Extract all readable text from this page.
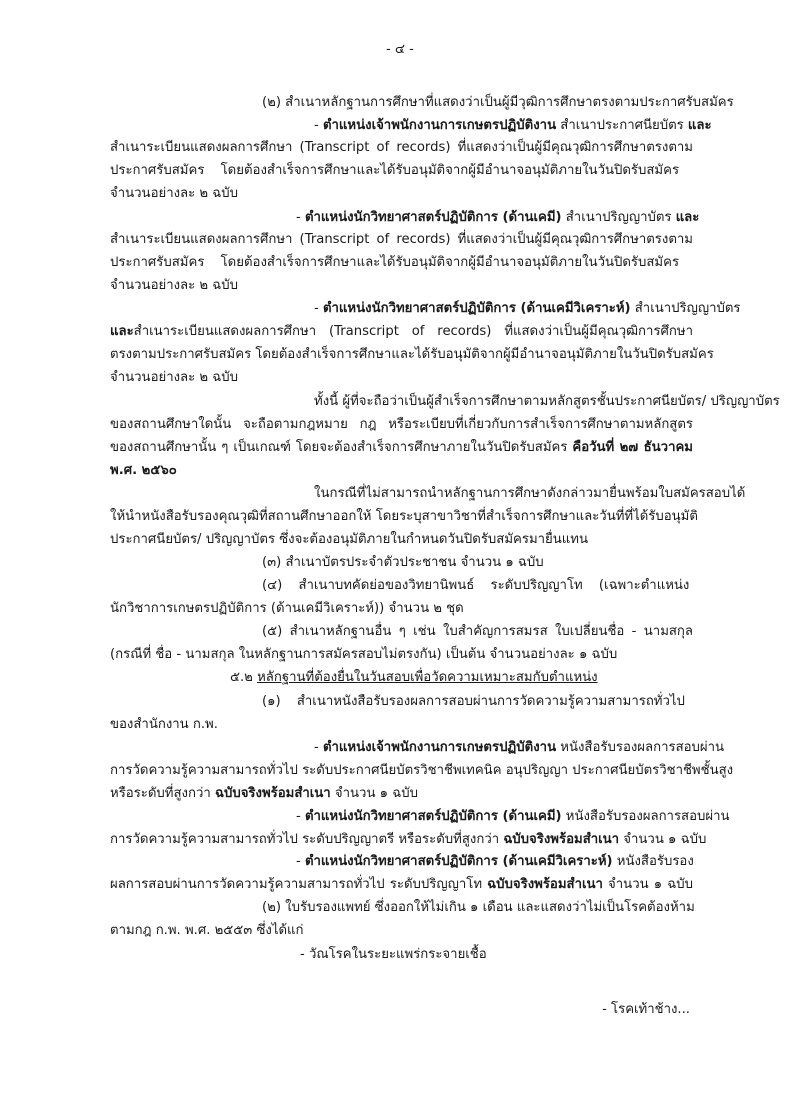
- ๔ -
(๒) สำเนาหลักฐานการศึกษาที่แสดงว่าเป็นผู้มีวุฒิการศึกษาตรงตามประกาศรับสมัคร
- ตำแหน่งเจ้าพนักงานการเกษตรปฏิบัติงาน สำเนาประกาศนียบัตร และ
สำเนาระเบียนแสดงผลการศึกษา (Transcript of records) ที่แสดงว่าเป็นผู้มีคุณวุฒิการศึกษาตรงตาม
ประกาศรับสมัคร โดยต้องสำเร็จการศึกษาและได้รับอนุมัติจากผู้มีอำนาจอนุมัติภายในวันปิดรับสมัคร
จำนวนอย่างละ ๒ ฉบับ
- ตำแหน่งนักวิทยาศาสตร์ปฏิบัติการ (ด้านเคมี) สำเนาปริญญาบัตร และ
สำเนาระเบียนแสดงผลการศึกษา (Transcript of records) ที่แสดงว่าเป็นผู้มีคุณวุฒิการศึกษาตรงตาม
ประกาศรับสมัคร โดยต้องสำเร็จการศึกษาและได้รับอนุมัติจากผู้มีอำนาจอนุมัติภายในวันปิดรับสมัคร
จำนวนอย่างละ ๒ ฉบับ
- ตำแหน่งนักวิทยาศาสตร์ปฏิบัติการ (ด้านเคมีวิเคราะห์) สำเนาปริญญาบัตร
และสำเนาระเบียนแสดงผลการศึกษา (Transcript of records) ที่แสดงว่าเป็นผู้มีคุณวุฒิการศึกษา
ตรงตามประกาศรับสมัคร โดยต้องสำเร็จการศึกษาและได้รับอนุมัติจากผู้มีอำนาจอนุมัติภายในวันปิดรับสมัคร
จำนวนอย่างละ ๒ ฉบับ
ทั้งนี้ ผู้ที่จะถือว่าเป็นผู้สำเร็จการศึกษาตามหลักสูตรชั้นประกาศนียบัตร/ ปริญญาบัตร
ของสถานศึกษาใดนั้น จะถือตามกฎหมาย กฎ หรือระเบียบที่เกี่ยวกับการสำเร็จการศึกษาตามหลักสูตร
ของสถานศึกษานั้น ๆ เป็นเกณฑ์ โดยจะต้องสำเร็จการศึกษาภายในวันปิดรับสมัคร คือวันที่ ๒๗ ธันวาคม
พ.ศ. ๒๕๖๐
ในกรณีที่ไม่สามารถนำหลักฐานการศึกษาดังกล่าวมายื่นพร้อมใบสมัครสอบได้
ให้นำหนังสือรับรองคุณวุฒิที่สถานศึกษาออกให้ โดยระบุสาขาวิชาที่สำเร็จการศึกษาและวันที่ที่ได้รับอนุมัติ
ประกาศนียบัตร/ ปริญญาบัตร ซึ่งจะต้องอนุมัติภายในกำหนดวันปิดรับสมัครมายื่นแทน
(๓) สำเนาบัตรประจำตัวประชาชน จำนวน ๑ ฉบับ
(๔) สำเนาบทคัดย่อของวิทยานิพนธ์ ระดับปริญญาโท (เฉพาะตำแหน่ง
นักวิชาการเกษตรปฏิบัติการ (ด้านเคมีวิเคราะห์)) จำนวน ๒ ชุด
(๕) สำเนาหลักฐานอื่น ๆ เช่น ใบสำคัญการสมรส ใบเปลี่ยนชื่อ - นามสกุล
(กรณีที่ ชื่อ - นามสกุล ในหลักฐานการสมัครสอบไม่ตรงกัน) เป็นต้น จำนวนอย่างละ ๑ ฉบับ
๕.๒ หลักฐานที่ต้องยื่นในวันสอบเพื่อวัดความเหมาะสมกับตำแหน่ง
(๑) สำเนาหนังสือรับรองผลการสอบผ่านการวัดความรู้ความสามารถทั่วไป
ของสำนักงาน ก.พ.
- ตำแหน่งเจ้าพนักงานการเกษตรปฏิบัติงาน หนังสือรับรองผลการสอบผ่าน
การวัดความรู้ความสามารถทั่วไป ระดับประกาศนียบัตรวิชาชีพเทคนิค อนุปริญญา ประกาศนียบัตรวิชาชีพชั้นสูง
หรือระดับที่สูงกว่า ฉบับจริงพร้อมสำเนา จำนวน ๑ ฉบับ
- ตำแหน่งนักวิทยาศาสตร์ปฏิบัติการ (ด้านเคมี) หนังสือรับรองผลการสอบผ่าน
การวัดความรู้ความสามารถทั่วไป ระดับปริญญาตรี หรือระดับที่สูงกว่า ฉบับจริงพร้อมสำเนา จำนวน ๑ ฉบับ
- ตำแหน่งนักวิทยาศาสตร์ปฏิบัติการ (ด้านเคมีวิเคราะห์) หนังสือรับรอง
ผลการสอบผ่านการวัดความรู้ความสามารถทั่วไป ระดับปริญญาโท ฉบับจริงพร้อมสำเนา จำนวน ๑ ฉบับ
(๒) ใบรับรองแพทย์ ซึ่งออกให้ไม่เกิน ๑ เดือน และแสดงว่าไม่เป็นโรคต้องห้าม
ตามกฎ ก.พ. พ.ศ. ๒๕๕๓ ซึ่งได้แก่
- วัณโรคในระยะแพร่กระจายเชื้อ
- โรคเท้าช้าง...
